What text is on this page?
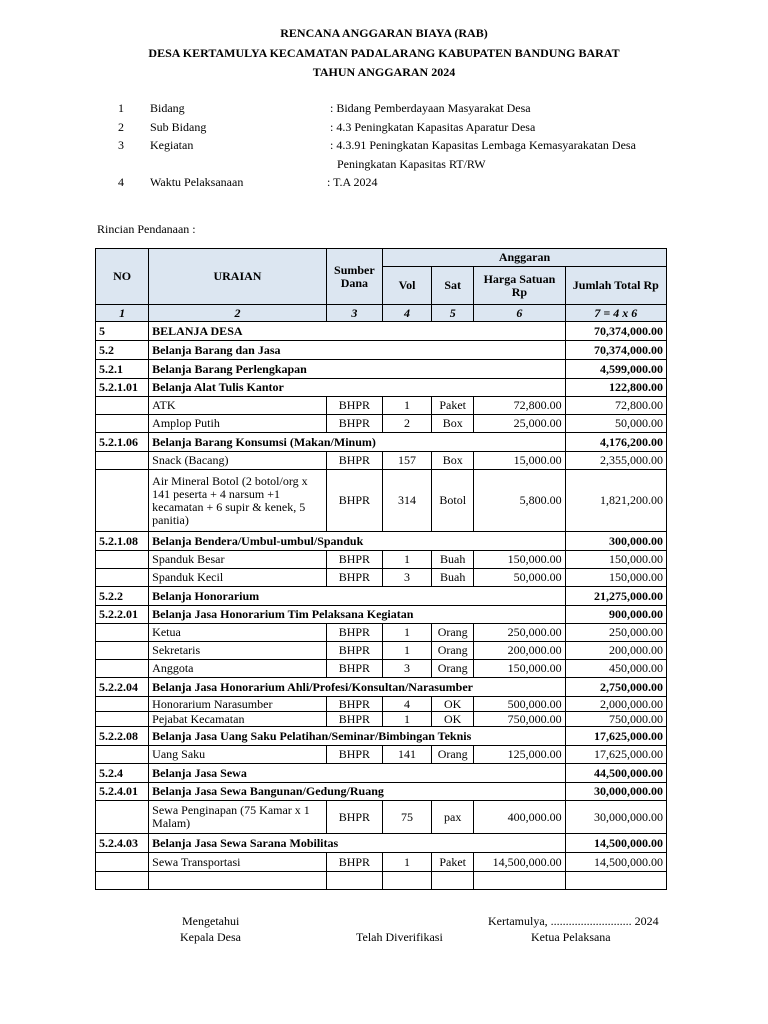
RENCANA ANGGARAN BIAYA (RAB)
DESA KERTAMULYA KECAMATAN PADALARANG KABUPATEN BANDUNG BARAT
TAHUN ANGGARAN 2024
1 Bidang	: Bidang Pemberdayaan Masyarakat Desa
2 Sub Bidang	: 4.3 Peningkatan Kapasitas Aparatur Desa
3 Kegiatan	: 4.3.91 Peningkatan Kapasitas Lembaga Kemasyarakatan Desa
Peningkatan Kapasitas RT/RW
4 Waktu Pelaksanaan	: T.A 2024
Rincian Pendanaan :
NO	URAIAN	Sumber Dana	Anggaran			
			Vol	Sat	Harga Satuan Rp	Jumlah Total Rp
1	2	3	4	5	6	7 = 4 x 6
5	BELANJA DESA					70,374,000.00
5.2	Belanja Barang dan Jasa					70,374,000.00
5.2.1	Belanja Barang Perlengkapan					4,599,000.00
5.2.1.01	Belanja Alat Tulis Kantor					122,800.00
	ATK	BHPR	1	Paket	72,800.00	72,800.00
	Amplop Putih	BHPR	2	Box	25,000.00	50,000.00
5.2.1.06	Belanja Barang Konsumsi (Makan/Minum)					4,176,200.00
	Snack (Bacang)	BHPR	157	Box	15,000.00	2,355,000.00
	Air Mineral Botol (2 botol/org x 141 peserta + 4 narsum +1 kecamatan + 6 supir & kenek, 5 panitia)	BHPR	314	Botol	5,800.00	1,821,200.00
5.2.1.08	Belanja Bendera/Umbul-umbul/Spanduk					300,000.00
	Spanduk Besar	BHPR	1	Buah	150,000.00	150,000.00
	Spanduk Kecil	BHPR	3	Buah	50,000.00	150,000.00
5.2.2	Belanja Honorarium					21,275,000.00
5.2.2.01	Belanja Jasa Honorarium Tim Pelaksana Kegiatan					900,000.00
	Ketua	BHPR	1	Orang	250,000.00	250,000.00
	Sekretaris	BHPR	1	Orang	200,000.00	200,000.00
	Anggota	BHPR	3	Orang	150,000.00	450,000.00
5.2.2.04	Belanja Jasa Honorarium Ahli/Profesi/Konsultan/Narasumber					2,750,000.00
	Honorarium Narasumber	BHPR	4	OK	500,000.00	2,000,000.00
	Pejabat Kecamatan	BHPR	1	OK	750,000.00	750,000.00
5.2.2.08	Belanja Jasa Uang Saku Pelatihan/Seminar/Bimbingan Teknis					17,625,000.00
	Uang Saku	BHPR	141	Orang	125,000.00	17,625,000.00
5.2.4	Belanja Jasa Sewa					44,500,000.00
5.2.4.01	Belanja Jasa Sewa Bangunan/Gedung/Ruang					30,000,000.00
	Sewa Penginapan (75 Kamar x 1 Malam)	BHPR	75	pax	400,000.00	30,000,000.00
5.2.4.03	Belanja Jasa Sewa Sarana Mobilitas					14,500,000.00
	Sewa Transportasi	BHPR	1	Paket	14,500,000.00	14,500,000.00

Mengetahui
Kepala Desa	Telah Diverifikasi
Kertamulya, ........................... 2024
Ketua Pelaksana
